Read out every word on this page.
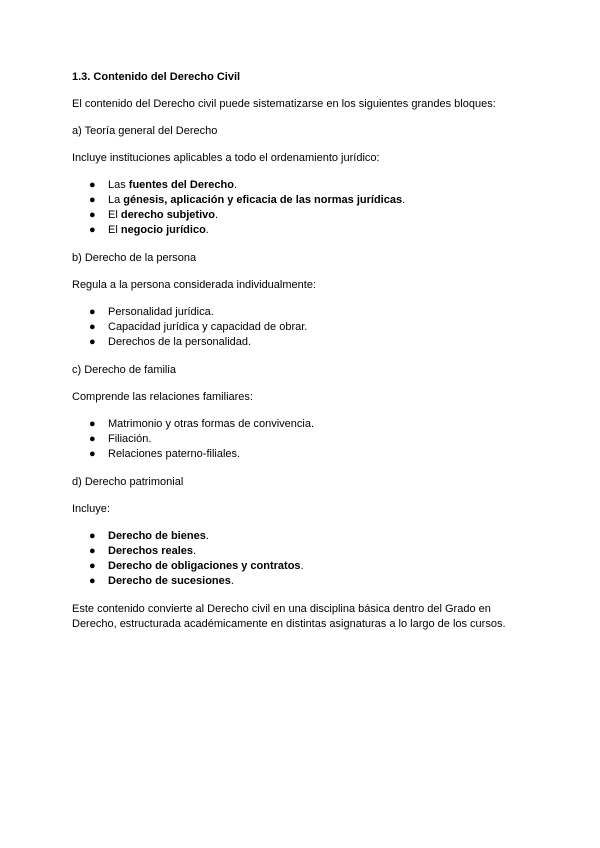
1.3. Contenido del Derecho Civil

El contenido del Derecho civil puede sistematizarse en los siguientes grandes bloques:

a) Teoría general del Derecho

Incluye instituciones aplicables a todo el ordenamiento jurídico:

● Las fuentes del Derecho.
● La génesis, aplicación y eficacia de las normas jurídicas.
● El derecho subjetivo.
● El negocio jurídico.

b) Derecho de la persona

Regula a la persona considerada individualmente:

● Personalidad jurídica.
● Capacidad jurídica y capacidad de obrar.
● Derechos de la personalidad.

c) Derecho de familia

Comprende las relaciones familiares:

● Matrimonio y otras formas de convivencia.
● Filiación.
● Relaciones paterno-filiales.

d) Derecho patrimonial

Incluye:

● Derecho de bienes.
● Derechos reales.
● Derecho de obligaciones y contratos.
● Derecho de sucesiones.

Este contenido convierte al Derecho civil en una disciplina básica dentro del Grado en Derecho, estructurada académicamente en distintas asignaturas a lo largo de los cursos.
